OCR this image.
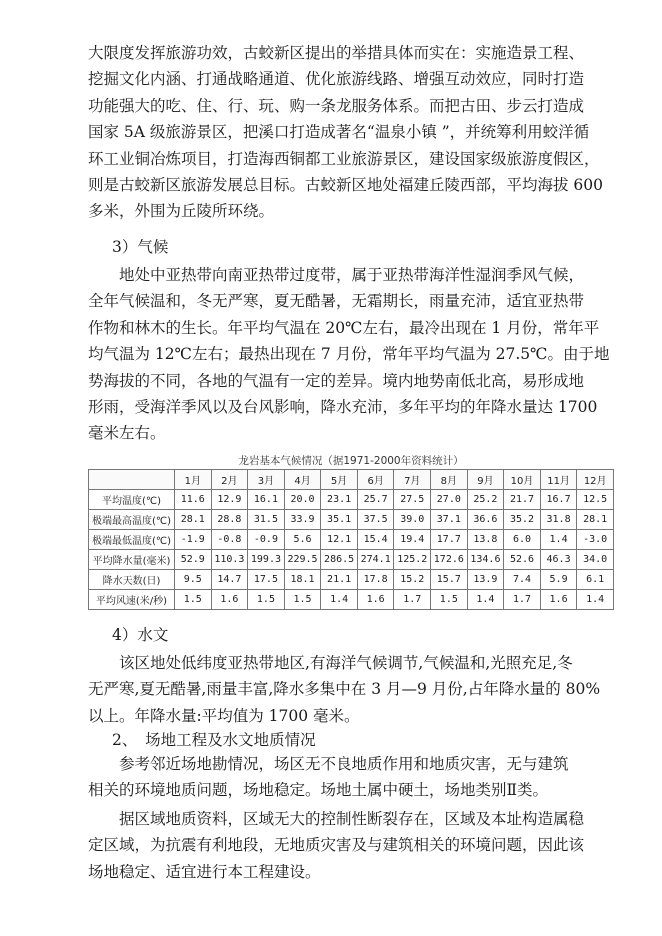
大限度发挥旅游功效，古蛟新区提出的举措具体而实在：实施造景工程、
挖掘文化内涵、打通战略通道、优化旅游线路、增强互动效应，同时打造
功能强大的吃、住、行、玩、购一条龙服务体系。而把古田、步云打造成
国家 5A 级旅游景区，把溪口打造成著名“温泉小镇 ”，并统筹利用蛟洋循
环工业铜冶炼项目，打造海西铜都工业旅游景区，建设国家级旅游度假区，
则是古蛟新区旅游发展总目标。古蛟新区地处福建丘陵西部，平均海拔 600
多米，外围为丘陵所环绕。
3）气候
地处中亚热带向南亚热带过度带，属于亚热带海洋性湿润季风气候，
全年气候温和，冬无严寒，夏无酷暑，无霜期长，雨量充沛，适宜亚热带
作物和林木的生长。年平均气温在 20℃左右，最冷出现在 1 月份，常年平
均气温为 12℃左右；最热出现在 7 月份，常年平均气温为 27.5℃。由于地
势海拔的不同，各地的气温有一定的差异。境内地势南低北高，易形成地
形雨，受海洋季风以及台风影响，降水充沛，多年平均的年降水量达 1700
毫米左右。
龙岩基本气候情况（据1971-2000年资料统计）
	1月	2月	3月	4月	5月	6月	7月	8月	9月	10月	11月	12月
平均温度(℃)	11.6	12.9	16.1	20.0	23.1	25.7	27.5	27.0	25.2	21.7	16.7	12.5
极端最高温度(℃)	28.1	28.8	31.5	33.9	35.1	37.5	39.0	37.1	36.6	35.2	31.8	28.1
极端最低温度(℃)	-1.9	-0.8	-0.9	5.6	12.1	15.4	19.4	17.7	13.8	6.0	1.4	-3.0
平均降水量(毫米)	52.9	110.3	199.3	229.5	286.5	274.1	125.2	172.6	134.6	52.6	46.3	34.0
降水天数(日)	9.5	14.7	17.5	18.1	21.1	17.8	15.2	15.7	13.9	7.4	5.9	6.1
平均风速(米/秒)	1.5	1.6	1.5	1.5	1.4	1.6	1.7	1.5	1.4	1.7	1.6	1.4
4）水文
该区地处低纬度亚热带地区,有海洋气候调节,气候温和,光照充足,冬
无严寒,夏无酷暑,雨量丰富,降水多集中在 3 月—9 月份,占年降水量的 80%
以上。年降水量:平均值为 1700 毫米。
2、　场地工程及水文地质情况
参考邻近场地勘情况，场区无不良地质作用和地质灾害，无与建筑
相关的环境地质问题，场地稳定。场地土属中硬土，场地类别Ⅱ类。
据区域地质资料，区域无大的控制性断裂存在，区域及本址构造属稳
定区域，为抗震有利地段，无地质灾害及与建筑相关的环境问题，因此该
场地稳定、适宜进行本工程建设。
